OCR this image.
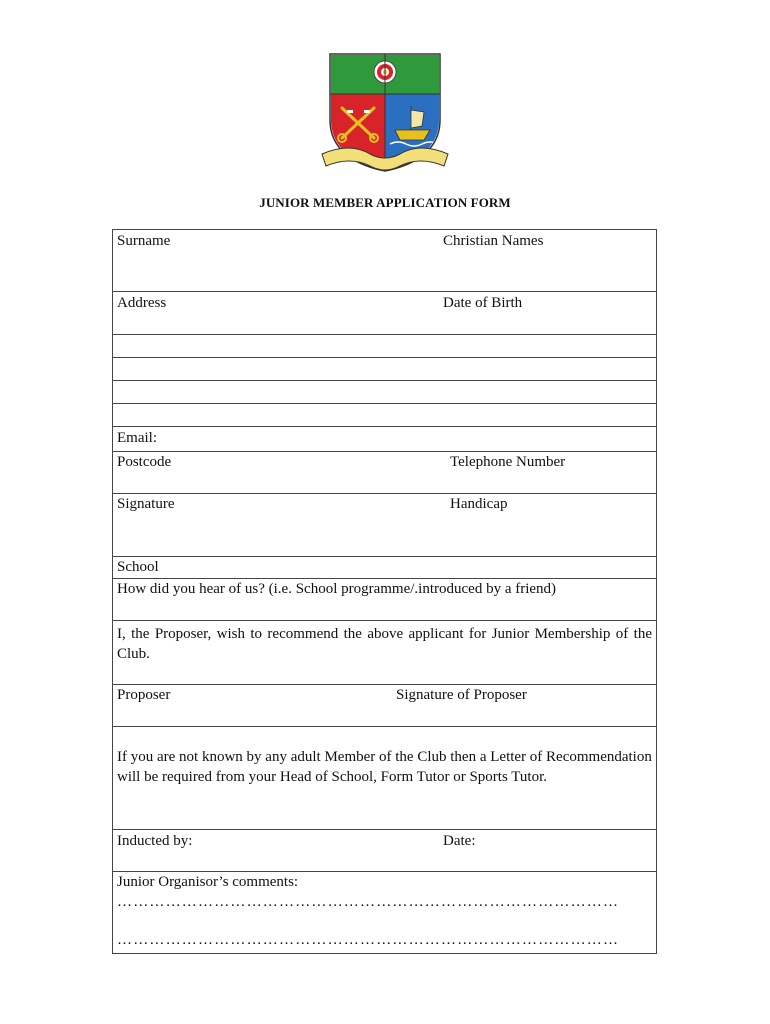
JUNIOR MEMBER APPLICATION FORM
Surname	Christian Names
Address	Date of Birth
Email:
Postcode	Telephone Number
Signature	Handicap
School
How did you hear of us? (i.e. School programme/.introduced by a friend)
I, the Proposer, wish to recommend the above applicant for Junior Membership of the Club.
Proposer	Signature of Proposer
If you are not known by any adult Member of the Club then a Letter of Recommendation will be required from your Head of School, Form Tutor or Sports Tutor.
Inducted by:	Date:
Junior Organisor’s comments:
…………………………………………………………………………………
…………………………………………………………………………………
